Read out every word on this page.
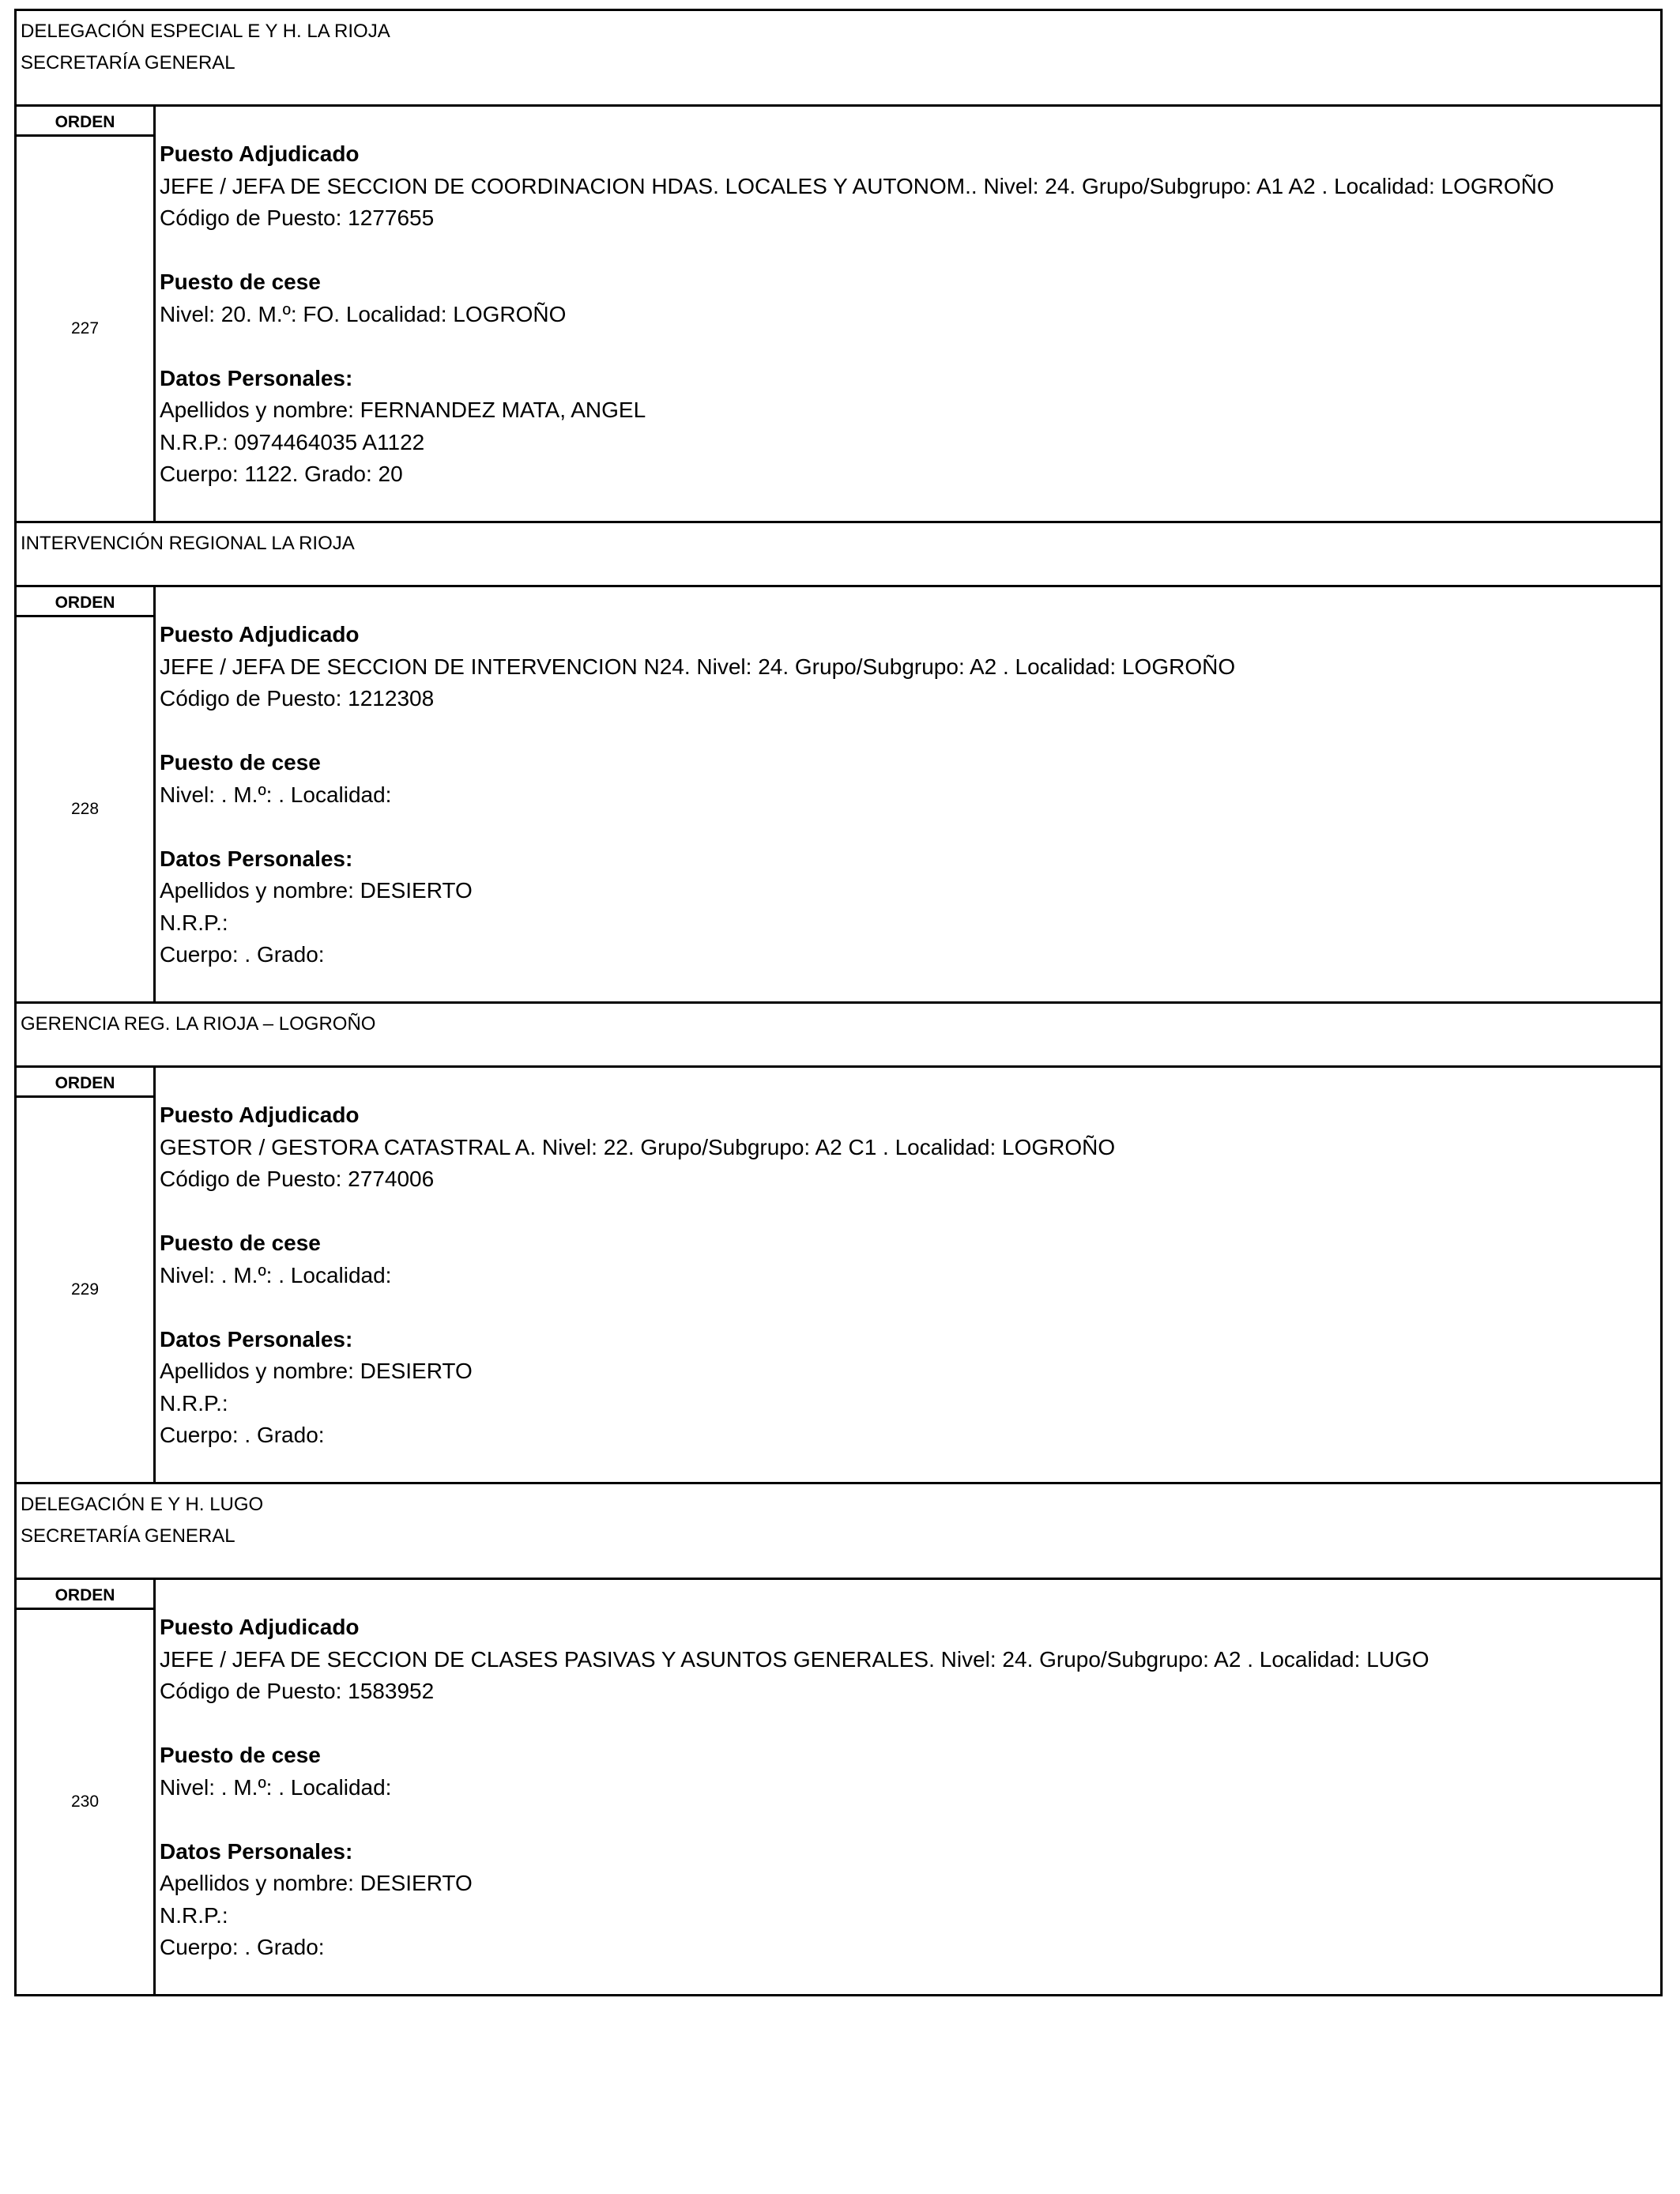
DELEGACIÓN ESPECIAL E Y H. LA RIOJA
SECRETARÍA GENERAL
ORDEN
227
Puesto Adjudicado
JEFE / JEFA DE SECCION DE COORDINACION HDAS. LOCALES Y AUTONOM.. Nivel: 24. Grupo/Subgrupo: A1 A2 . Localidad: LOGROÑO
Código de Puesto: 1277655
Puesto de cese
Nivel: 20. M.º: FO. Localidad: LOGROÑO
Datos Personales:
Apellidos y nombre: FERNANDEZ MATA, ANGEL
N.R.P.: 0974464035 A1122
Cuerpo: 1122. Grado: 20
INTERVENCIÓN REGIONAL LA RIOJA
ORDEN
228
Puesto Adjudicado
JEFE / JEFA DE SECCION DE INTERVENCION N24. Nivel: 24. Grupo/Subgrupo: A2 . Localidad: LOGROÑO
Código de Puesto: 1212308
Puesto de cese
Nivel: . M.º: . Localidad:
Datos Personales:
Apellidos y nombre: DESIERTO
N.R.P.:
Cuerpo: . Grado:
GERENCIA REG. LA RIOJA – LOGROÑO
ORDEN
229
Puesto Adjudicado
GESTOR / GESTORA CATASTRAL A. Nivel: 22. Grupo/Subgrupo: A2 C1 . Localidad: LOGROÑO
Código de Puesto: 2774006
Puesto de cese
Nivel: . M.º: . Localidad:
Datos Personales:
Apellidos y nombre: DESIERTO
N.R.P.:
Cuerpo: . Grado:
DELEGACIÓN E Y H. LUGO
SECRETARÍA GENERAL
ORDEN
230
Puesto Adjudicado
JEFE / JEFA DE SECCION DE CLASES PASIVAS Y ASUNTOS GENERALES. Nivel: 24. Grupo/Subgrupo: A2 . Localidad: LUGO
Código de Puesto: 1583952
Puesto de cese
Nivel: . M.º: . Localidad:
Datos Personales:
Apellidos y nombre: DESIERTO
N.R.P.:
Cuerpo: . Grado:
